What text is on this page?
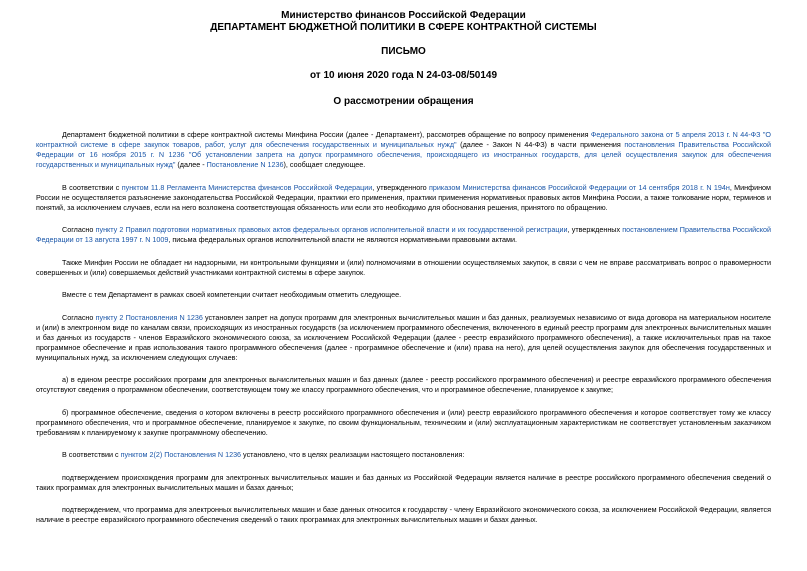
Министерство финансов Российской Федерации
ДЕПАРТАМЕНТ БЮДЖЕТНОЙ ПОЛИТИКИ В СФЕРЕ КОНТРАКТНОЙ СИСТЕМЫ
ПИСЬМО
от 10 июня 2020 года N 24-03-08/50149
О рассмотрении обращения

Департамент бюджетной политики в сфере контрактной системы Минфина России (далее - Департамент), рассмотрев обращение по вопросу применения Федерального закона от 5 апреля 2013 г. N 44-ФЗ "О контрактной системе в сфере закупок товаров, работ, услуг для обеспечения государственных и муниципальных нужд" (далее - Закон N 44-ФЗ) в части применения постановления Правительства Российской Федерации от 16 ноября 2015 г. N 1236 "Об установлении запрета на допуск программного обеспечения, происходящего из иностранных государств, для целей осуществления закупок для обеспечения государственных и муниципальных нужд" (далее - Постановление N 1236), сообщает следующее.

В соответствии с пунктом 11.8 Регламента Министерства финансов Российской Федерации, утвержденного приказом Министерства финансов Российской Федерации от 14 сентября 2018 г. N 194н, Минфином России не осуществляется разъяснение законодательства Российской Федерации, практики его применения, практики применения нормативных правовых актов Минфина России, а также толкование норм, терминов и понятий, за исключением случаев, если на него возложена соответствующая обязанность или если это необходимо для обоснования решения, принятого по обращению.

Согласно пункту 2 Правил подготовки нормативных правовых актов федеральных органов исполнительной власти и их государственной регистрации, утвержденных постановлением Правительства Российской Федерации от 13 августа 1997 г. N 1009, письма федеральных органов исполнительной власти не являются нормативными правовыми актами.

Также Минфин России не обладает ни надзорными, ни контрольными функциями и (или) полномочиями в отношении осуществляемых закупок, в связи с чем не вправе рассматривать вопрос о правомерности совершенных и (или) совершаемых действий участниками контрактной системы в сфере закупок.

Вместе с тем Департамент в рамках своей компетенции считает необходимым отметить следующее.

Согласно пункту 2 Постановления N 1236 установлен запрет на допуск программ для электронных вычислительных машин и баз данных, реализуемых независимо от вида договора на материальном носителе и (или) в электронном виде по каналам связи, происходящих из иностранных государств (за исключением программного обеспечения, включенного в единый реестр программ для электронных вычислительных машин и баз данных из государств - членов Евразийского экономического союза, за исключением Российской Федерации (далее - реестр евразийского программного обеспечения), а также исключительных прав на такое программное обеспечение и прав использования такого программного обеспечения (далее - программное обеспечение и (или) права на него), для целей осуществления закупок для обеспечения государственных и муниципальных нужд, за исключением следующих случаев:

а) в едином реестре российских программ для электронных вычислительных машин и баз данных (далее - реестр российского программного обеспечения) и реестре евразийского программного обеспечения отсутствуют сведения о программном обеспечении, соответствующем тому же классу программного обеспечения, что и программное обеспечение, планируемое к закупке;

б) программное обеспечение, сведения о котором включены в реестр российского программного обеспечения и (или) реестр евразийского программного обеспечения и которое соответствует тому же классу программного обеспечения, что и программное обеспечение, планируемое к закупке, по своим функциональным, техническим и (или) эксплуатационным характеристикам не соответствует установленным заказчиком требованиям к планируемому к закупке программному обеспечению.

В соответствии с пунктом 2(2) Постановления N 1236 установлено, что в целях реализации настоящего постановления:

подтверждением происхождения программ для электронных вычислительных машин и баз данных из Российской Федерации является наличие в реестре российского программного обеспечения сведений о таких программах для электронных вычислительных машин и базах данных;

подтверждением, что программа для электронных вычислительных машин и базе данных относится к государству - члену Евразийского экономического союза, за исключением Российской Федерации, является наличие в реестре евразийского программного обеспечения сведений о таких программах для электронных вычислительных машин и базах данных.
